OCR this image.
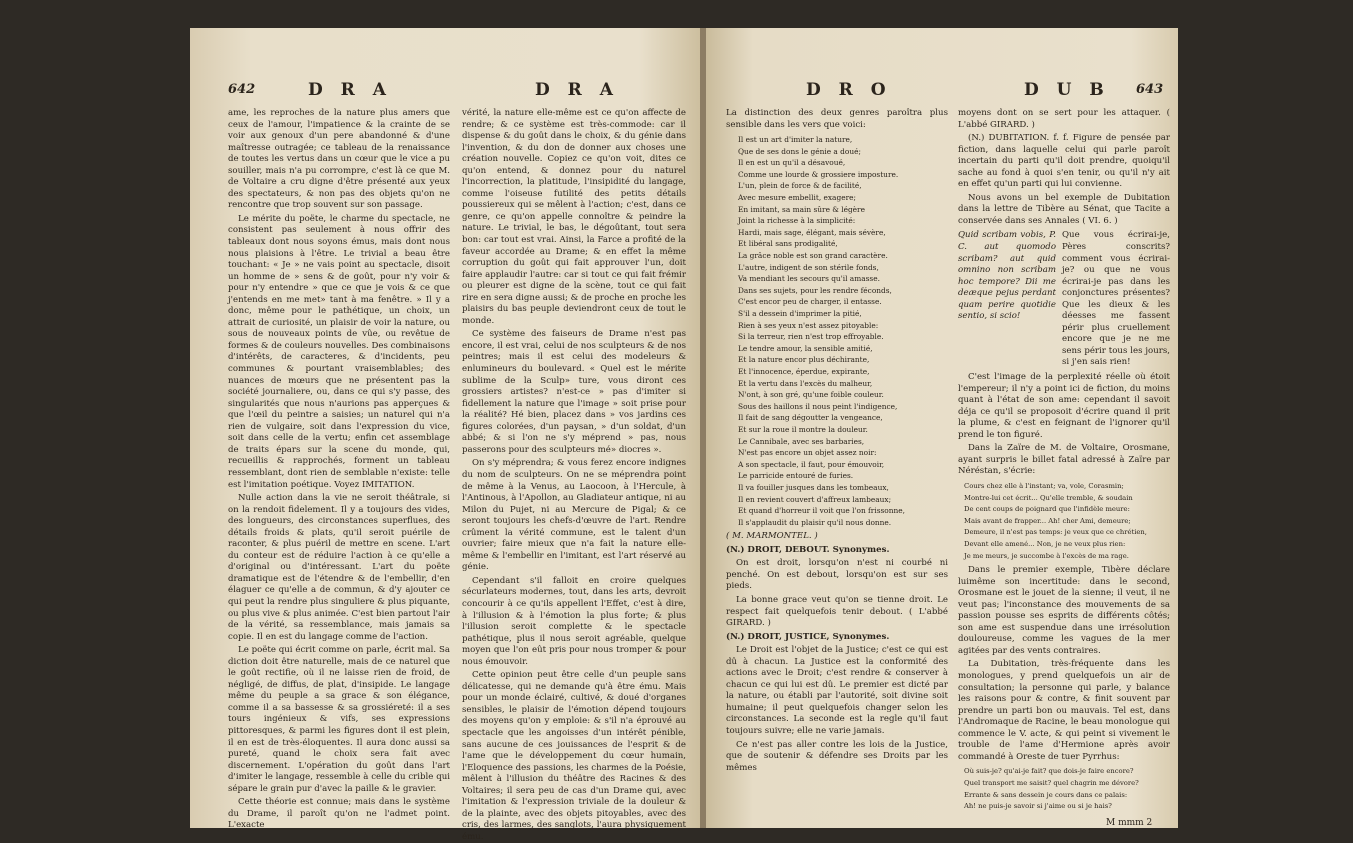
642	D R A	D R A

ame, les reproches de la nature plus amers que ceux de l'amour, l'impatience & la crainte de se voir aux genoux d'un pere abandonné & d'une maîtresse outragée; ce tableau de la renaissance de toutes les vertus dans un cœur que le vice a pu souiller, mais n'a pu corrompre, c'est là ce que M. de Voltaire a cru digne d'être présenté aux yeux des spectateurs, & non pas des objets qu'on ne rencontre que trop souvent sur son passage.

Le mérite du poëte, le charme du spectacle, ne consistent pas seulement à nous offrir des tableaux dont nous soyons émus, mais dont nous nous plaisions à l'être. Le trivial a beau être touchant: « Je » ne vais point au spectacle, disoit un homme de » sens & de goût, pour n'y voir & pour n'y entendre » que ce que je vois & ce que j'entends en me met» tant à ma fenêtre. » Il y a donc, même pour le pathétique, un choix, un attrait de curiosité, un plaisir de voir la nature, ou sous de nouveaux points de vûe, ou revêtue de formes & de couleurs nouvelles. Des combinaisons d'intérêts, de caracteres, & d'incidents, peu communes & pourtant vraisemblables; des nuances de mœurs que ne présentent pas la société journaliere, ou, dans ce qui s'y passe, des singularités que nous n'aurions pas apperçues & que l'œil du peintre a saisies; un naturel qui n'a rien de vulgaire, soit dans l'expression du vice, soit dans celle de la vertu; enfin cet assemblage de traits épars sur la scene du monde, qui, recueillis & rapprochés, forment un tableau ressemblant, dont rien de semblable n'existe: telle est l'imitation poétique. Voyez IMITATION.

Nulle action dans la vie ne seroit théâtrale, si on la rendoit fidelement. Il y a toujours des vides, des longueurs, des circonstances superflues, des détails froids & plats, qu'il seroit puérile de raconter, & plus puéril de mettre en scene. L'art du conteur est de réduire l'action à ce qu'elle a d'original ou d'intéressant. L'art du poëte dramatique est de l'étendre & de l'embellir, d'en élaguer ce qu'elle a de commun, & d'y ajouter ce qui peut la rendre plus singuliere & plus piquante, ou plus vive & plus animée. C'est bien partout l'air de la vérité, sa ressemblance, mais jamais sa copie. Il en est du langage comme de l'action.

Le poëte qui écrit comme on parle, écrit mal. Sa diction doit être naturelle, mais de ce naturel que le goût rectifie, où il ne laisse rien de froid, de négligé, de diffus, de plat, d'insipide. Le langage même du peuple a sa grace & son élégance, comme il a sa bassesse & sa grossiéreté: il a ses tours ingénieux & vifs, ses expressions pittoresques, & parmi les figures dont il est plein, il en est de très-éloquentes. Il aura donc aussi sa pureté, quand le choix sera fait avec discernement. L'opération du goût dans l'art d'imiter le langage, ressemble à celle du crible qui sépare le grain pur d'avec la paille & le gravier.

Cette théorie est connue; mais dans le système du Drame, il paroît qu'on ne l'admet point. L'exacte

vérité, la nature elle-même est ce qu'on affecte de rendre; & ce système est très-commode: car il dispense & du goût dans le choix, & du génie dans l'invention, & du don de donner aux choses une création nouvelle. Copiez ce qu'on voit, dites ce qu'on entend, & donnez pour du naturel l'incorrection, la platitude, l'insipidité du langage, comme l'oiseuse futilité des petits détails poussiereux qui se mêlent à l'action; c'est, dans ce genre, ce qu'on appelle connoître & peindre la nature. Le trivial, le bas, le dégoûtant, tout sera bon: car tout est vrai. Ainsi, la Farce a profité de la faveur accordée au Drame; & en effet la même corruption du goût qui fait approuver l'un, doit faire applaudir l'autre: car si tout ce qui fait frémir ou pleurer est digne de la scène, tout ce qui fait rire en sera digne aussi; & de proche en proche les plaisirs du bas peuple deviendront ceux de tout le monde.

Ce système des faiseurs de Drame n'est pas encore, il est vrai, celui de nos sculpteurs & de nos peintres; mais il est celui des modeleurs & enlumineurs du boulevard. « Quel est le mérite sublime de la Sculp» ture, vous diront ces grossiers artistes? n'est-ce » pas d'imiter si fidellement la nature que l'image » soit prise pour la réalité? Hé bien, placez dans » vos jardins ces figures colorées, d'un paysan, » d'un soldat, d'un abbé; & si l'on ne s'y méprend » pas, nous passerons pour des sculpteurs mé» diocres ».

On s'y méprendra; & vous ferez encore indignes du nom de sculpteurs. On ne se méprendra point de même à la Venus, au Laocoon, à l'Hercule, à l'Antinous, à l'Apollon, au Gladiateur antique, ni au Milon du Pujet, ni au Mercure de Pigal; & ce seront toujours les chefs-d'œuvre de l'art. Rendre crûment la vérité commune, est le talent d'un ouvrier; faire mieux que n'a fait la nature elle-même & l'embellir en l'imitant, est l'art réservé au génie.

Cependant s'il falloit en croire quelques sécurlateurs modernes, tout, dans les arts, devroit concourir à ce qu'ils appellent l'Effet, c'est à dire, à l'illusion & à l'émotion la plus forte; & plus l'illusion seroit complette & le spectacle pathétique, plus il nous seroit agréable, quelque moyen que l'on eût pris pour nous tromper & pour nous émouvoir.

Cette opinion peut être celle d'un peuple sans délicatesse, qui ne demande qu'à être ému. Mais pour un monde éclairé, cultivé, & doué d'organes sensibles, le plaisir de l'émotion dépend toujours des moyens qu'on y emploie: & s'il n'a éprouvé au spectacle que les angoisses d'un intérêt pénible, sans aucune de ces jouissances de l'esprit & de l'ame que le développement du cœur humain, l'Eloquence des passions, les charmes de la Poésie, mêlent à l'illusion du théâtre des Racines & des Voltaires; il sera peu de cas d'un Drame qui, avec l'imitation & l'expression triviale de la douleur & de la plainte, avec des objets pitoyables, avec des cris, des larmes, des sanglots, l'aura physiquement ému.

D R O	D U B 643

La distinction des deux genres paroîtra plus sensible dans les vers que voici:

Il est un art d'imiter la nature,
Que de ses dons le génie a doué;
Il en est un qu'il a désavoué,
Comme une lourde & grossiere imposture.
L'un, plein de force & de facilité,
Avec mesure embellit, exagere;
En imitant, sa main sûre & légère
Joint la richesse à la simplicité:
Hardi, mais sage, élégant, mais sévère,
Et libéral sans prodigalité,
La grâce noble est son grand caractère.
L'autre, indigent de son stérile fonds,
Va mendiant les secours qu'il amasse.
Dans ses sujets, pour les rendre féconds,
C'est encor peu de charger, il entasse.
S'il a dessein d'imprimer la pitié,
Rien à ses yeux n'est assez pitoyable:
Si la terreur, rien n'est trop effroyable.
Le tendre amour, la sensible amitié,
Et la nature encor plus déchirante,
Et l'innocence, éperdue, expirante,
Et la vertu dans l'excès du malheur,
N'ont, à son gré, qu'une foible couleur.
Sous des haillons il nous peint l'indigence,
Il fait de sang dégoutter la vengeance,
Et sur la roue il montre la douleur.
Le Cannibale, avec ses barbaries,
N'est pas encore un objet assez noir:
A son spectacle, il faut, pour émouvoir,
Le parricide entouré de furies.
Il va fouiller jusques dans les tombeaux,
Il en revient couvert d'affreux lambeaux;
Et quand d'horreur il voit que l'on frissonne,
Il s'applaudit du plaisir qu'il nous donne.

( M. MARMONTEL. )

(N.) DROIT, DEBOUT. Synonymes.

On est droit, lorsqu'on n'est ni courbé ni penché. On est debout, lorsqu'on est sur ses pieds.

La bonne grace veut qu'on se tienne droit. Le respect fait quelquefois tenir debout. ( L'abbé GIRARD. )

(N.) DROIT, JUSTICE, Synonymes.

Le Droit est l'objet de la Justice; c'est ce qui est dû à chacun. La Justice est la conformité des actions avec le Droit; c'est rendre & conserver à chacun ce qui lui est dû. Le premier est dicté par la nature, ou établi par l'autorité, soit divine soit humaine; il peut quelquefois changer selon les circonstances. La seconde est la regle qu'il faut toujours suivre; elle ne varie jamais.

Ce n'est pas aller contre les lois de la Justice, que de soutenir & défendre ses Droits par les mêmes

moyens dont on se sert pour les attaquer. ( L'abbé GIRARD. )

(N.) DUBITATION. f. f. Figure de pensée par fiction, dans laquelle celui qui parle paroît incertain du parti qu'il doit prendre, quoiqu'il sache au fond à quoi s'en tenir, ou qu'il n'y ait en effet qu'un parti qui lui convienne.

Nous avons un bel exemple de Dubitation dans la lettre de Tibère au Sénat, que Tacite a conservée dans ses Annales ( VI. 6. )

Quid scribam vobis, P. C. aut quomodo scribam? aut quid omnino non scribam hoc tempore? Dii me deæque pejus perdant quam perire quotidie sentio, si scio!
Que vous écrirai-je, Pères conscrits? comment vous écrirai-je? ou que ne vous écrirai-je pas dans les conjonctures présentes? Que les dieux & les déesses me fassent périr plus cruellement encore que je ne me sens périr tous les jours, si j'en sais rien!

C'est l'image de la perplexité réelle où étoit l'empereur; il n'y a point ici de fiction, du moins quant à l'état de son ame: cependant il savoit déja ce qu'il se proposoit d'écrire quand il prit la plume, & c'est en feignant de l'ignorer qu'il prend le ton figuré.

Dans la Zaïre de M. de Voltaire, Orosmane, ayant surpris le billet fatal adressé à Zaïre par Néréstan, s'écrie:

Cours chez elle à l'instant; va, vole, Corasmin;
Montre-lui cet écrit... Qu'elle tremble, & soudain
De cent coups de poignard que l'infidèle meure:
Mais avant de frapper... Ah! cher Ami, demeure;
Demeure, il n'est pas temps: je veux que ce chrétien,
Devant elle amené... Non, je ne veux plus rien:
Je me meurs, je succombe à l'excès de ma rage.

Dans le premier exemple, Tibère déclare luimême son incertitude: dans le second, Orosmane est le jouet de la sienne; il veut, il ne veut pas; l'inconstance des mouvements de sa passion pousse ses esprits de différents côtés; son ame est suspendue dans une irrésolution douloureuse, comme les vagues de la mer agitées par des vents contraires.

La Dubitation, très-fréquente dans les monologues, y prend quelquefois un air de consultation; la personne qui parle, y balance les raisons pour & contre, & finit souvent par prendre un parti bon ou mauvais. Tel est, dans l'Andromaque de Racine, le beau monologue qui commence le V. acte, & qui peint si vivement le trouble de l'ame d'Hermione après avoir commandé à Oreste de tuer Pyrrhus:

Où suis-je? qu'ai-je fait? que dois-je faire encore?
Quel transport me saisit? quel chagrin me dévore?
Errante & sans dessein je cours dans ce palais:
Ah! ne puis-je savoir si j'aime ou si je hais?
M mmm 2
